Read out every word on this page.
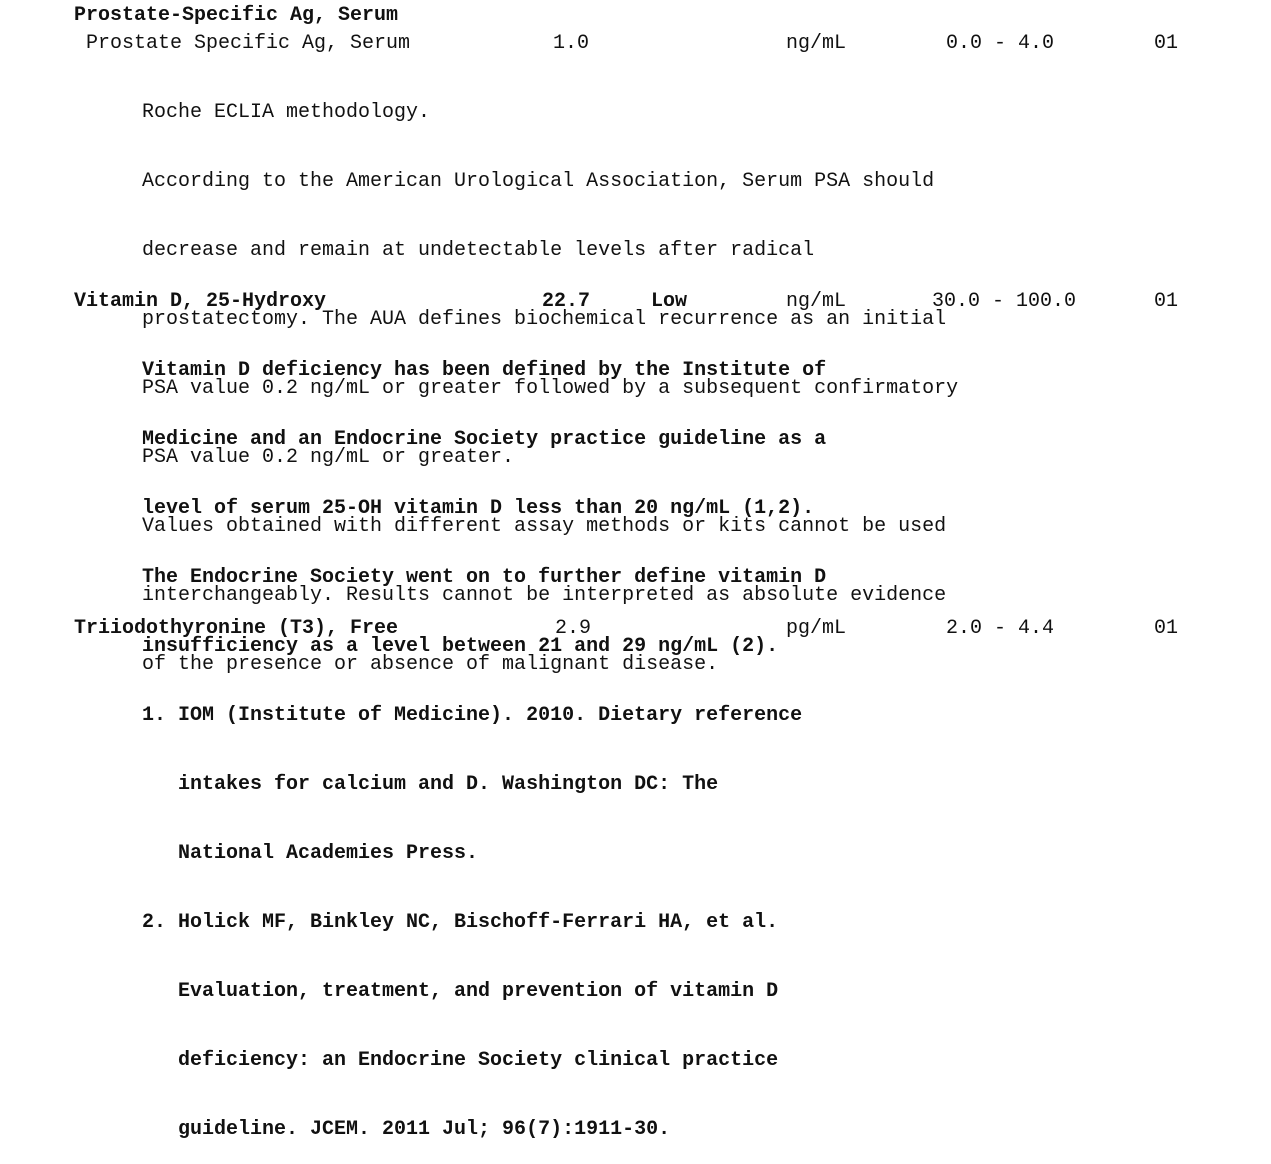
Prostate-Specific Ag, Serum
Prostate Specific Ag, Serum	1.0	ng/mL	0.0 - 4.0	01

Roche ECLIA methodology.

According to the American Urological Association, Serum PSA should

decrease and remain at undetectable levels after radical

prostatectomy. The AUA defines biochemical recurrence as an initial

PSA value 0.2 ng/mL or greater followed by a subsequent confirmatory

PSA value 0.2 ng/mL or greater.

Values obtained with different assay methods or kits cannot be used

interchangeably. Results cannot be interpreted as absolute evidence

of the presence or absence of malignant disease.

Vitamin D, 25-Hydroxy	22.7	Low	ng/mL	30.0 - 100.0	01

Vitamin D deficiency has been defined by the Institute of

Medicine and an Endocrine Society practice guideline as a

level of serum 25-OH vitamin D less than 20 ng/mL (1,2).

The Endocrine Society went on to further define vitamin D

insufficiency as a level between 21 and 29 ng/mL (2).

1. IOM (Institute of Medicine). 2010. Dietary reference

intakes for calcium and D. Washington DC: The

National Academies Press.

2. Holick MF, Binkley NC, Bischoff-Ferrari HA, et al.

Evaluation, treatment, and prevention of vitamin D

deficiency: an Endocrine Society clinical practice

guideline. JCEM. 2011 Jul; 96(7):1911-30.

Triiodothyronine (T3), Free	2.9	pg/mL	2.0 - 4.4	01
